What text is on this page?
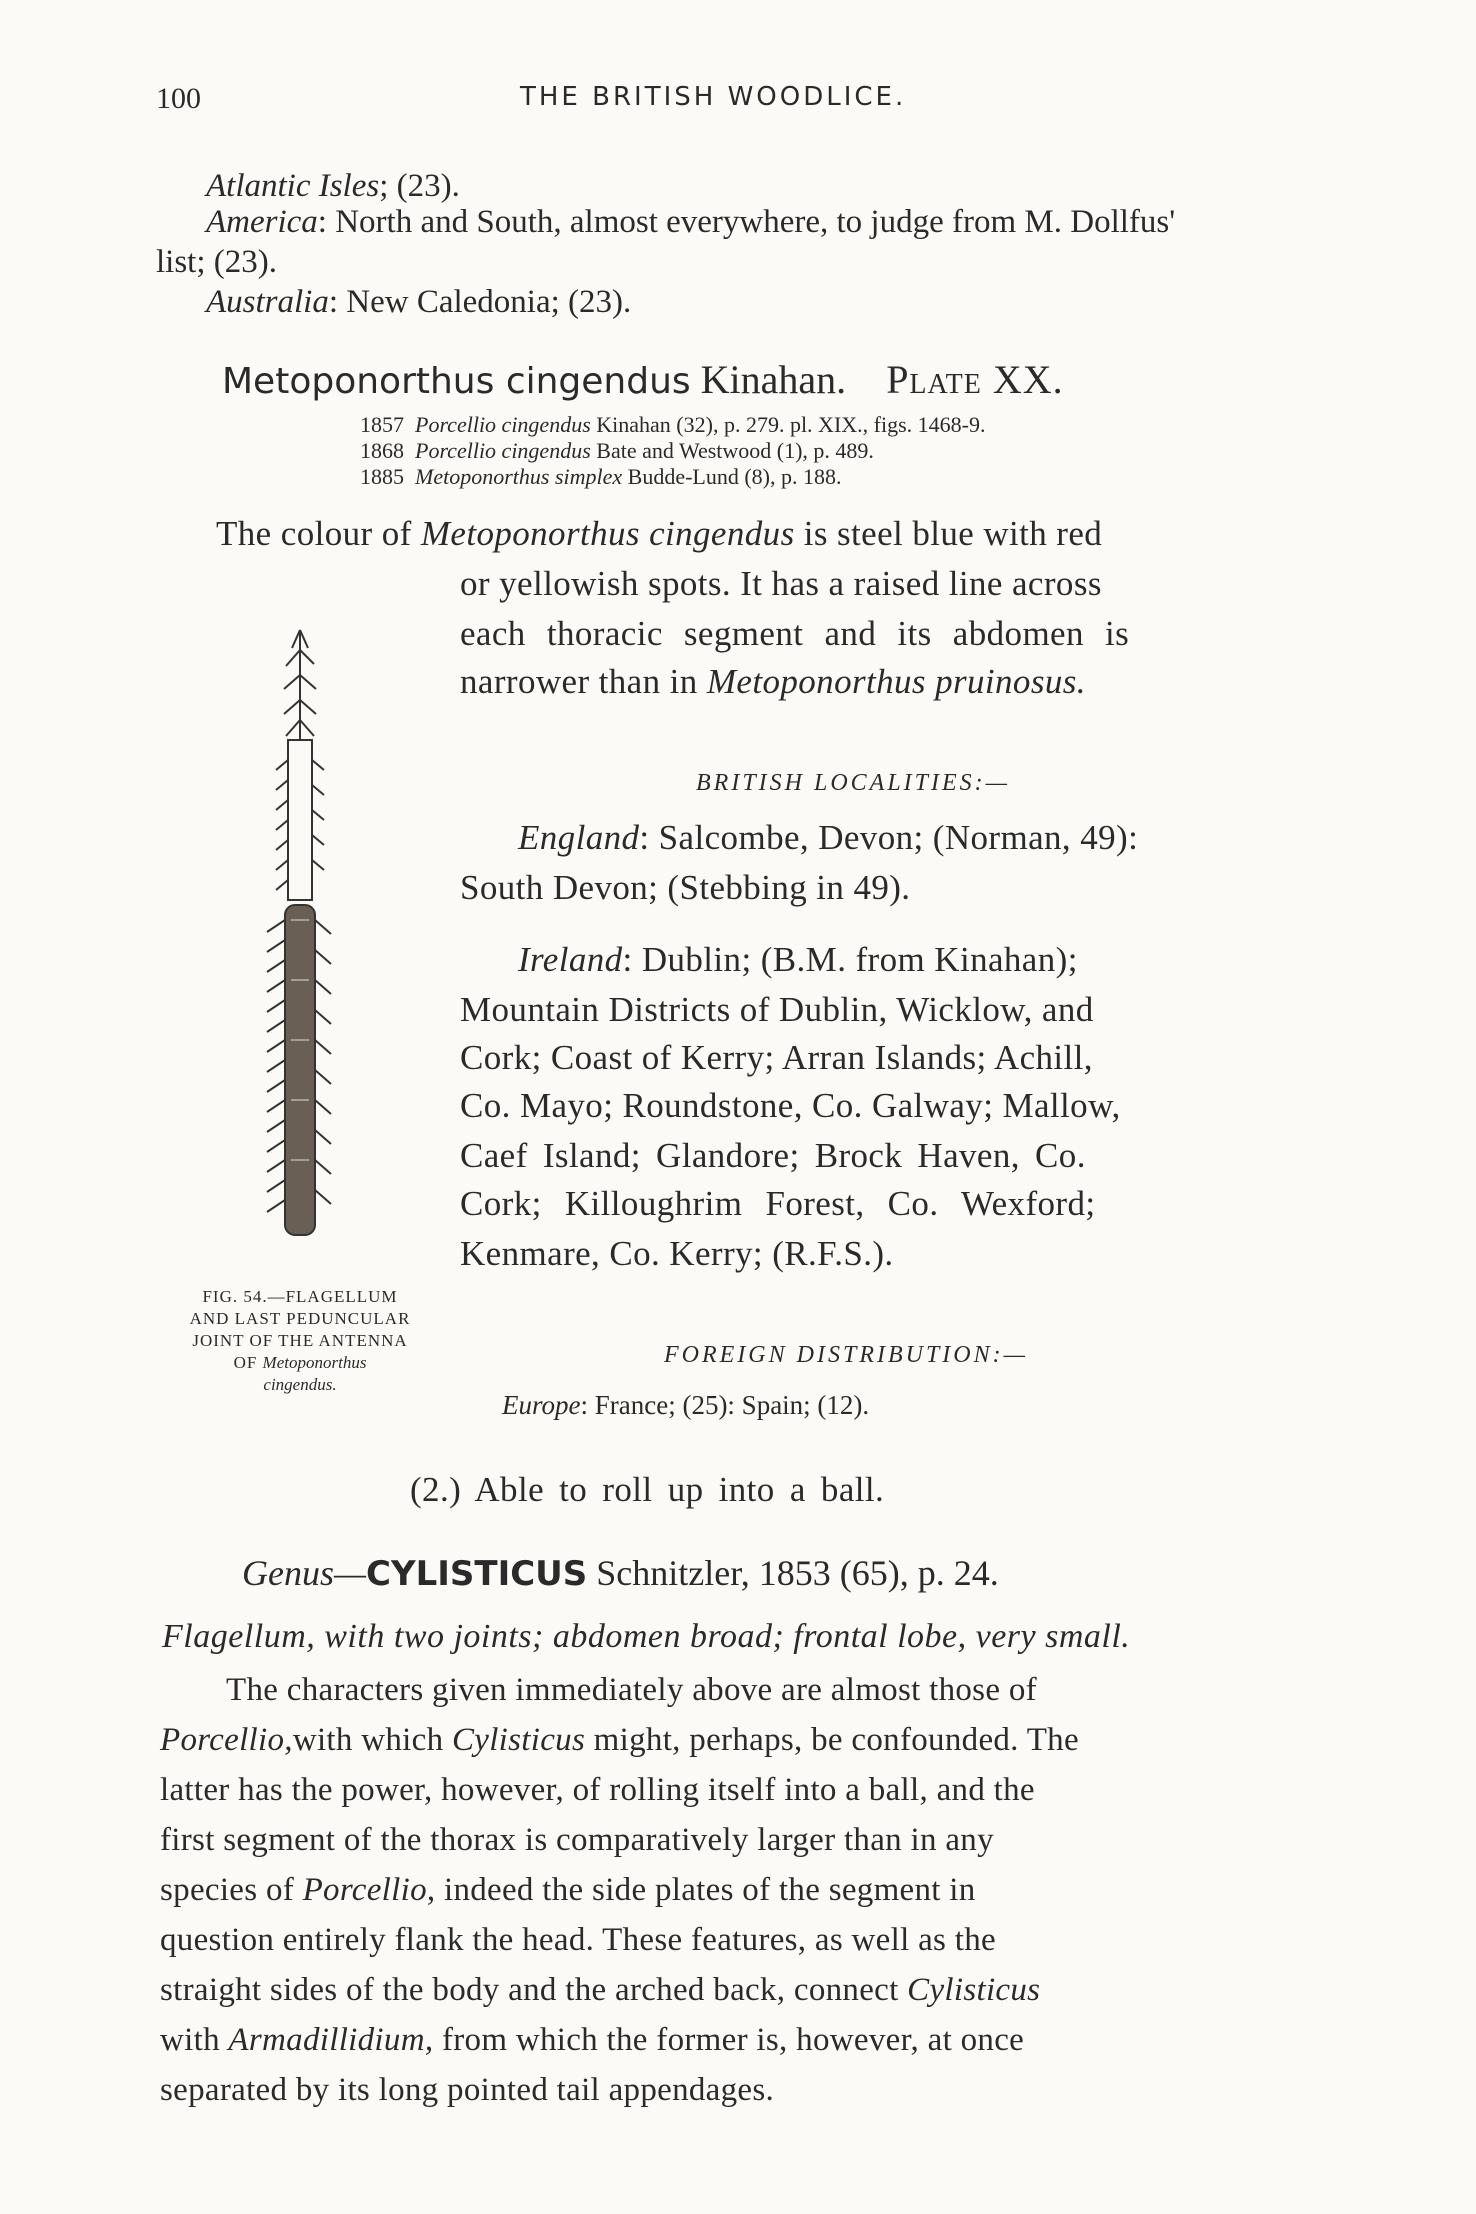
100	THE BRITISH WOODLICE.
Atlantic Isles; (23).
America: North and South, almost everywhere, to judge from M. Dollfus'
list; (23).
Australia: New Caledonia; (23).
Metoponorthus cingendus Kinahan. Plate XX.
1857 Porcellio cingendus Kinahan (32), p. 279. pl. XIX., figs. 1468-9.
1868 Porcellio cingendus Bate and Westwood (1), p. 489.
1885 Metoponorthus simplex Budde-Lund (8), p. 188.
The colour of Metoponorthus cingendus is steel blue with red
or yellowish spots. It has a raised line across
each thoracic segment and its abdomen is
narrower than in Metoponorthus pruinosus.
FIG. 54.—FLAGELLUM
AND LAST PEDUNCULAR
JOINT OF THE ANTENNA
OF Metoponorthus
cingendus.
BRITISH LOCALITIES:—
England: Salcombe, Devon; (Norman, 49):
South Devon; (Stebbing in 49).
Ireland: Dublin; (B.M. from Kinahan);
Mountain Districts of Dublin, Wicklow, and
Cork; Coast of Kerry; Arran Islands; Achill,
Co. Mayo; Roundstone, Co. Galway; Mallow,
Caef Island; Glandore; Brock Haven, Co.
Cork; Killoughrim Forest, Co. Wexford;
Kenmare, Co. Kerry; (R.F.S.).
FOREIGN DISTRIBUTION:—
Europe: France; (25): Spain; (12).
(2.) Able to roll up into a ball.
Genus—CYLISTICUS Schnitzler, 1853 (65), p. 24.
Flagellum, with two joints; abdomen broad; frontal lobe, very small.
The characters given immediately above are almost those of
Porcellio,with which Cylisticus might, perhaps, be confounded. The
latter has the power, however, of rolling itself into a ball, and the
first segment of the thorax is comparatively larger than in any
species of Porcellio, indeed the side plates of the segment in
question entirely flank the head. These features, as well as the
straight sides of the body and the arched back, connect Cylisticus
with Armadillidium, from which the former is, however, at once
separated by its long pointed tail appendages.
